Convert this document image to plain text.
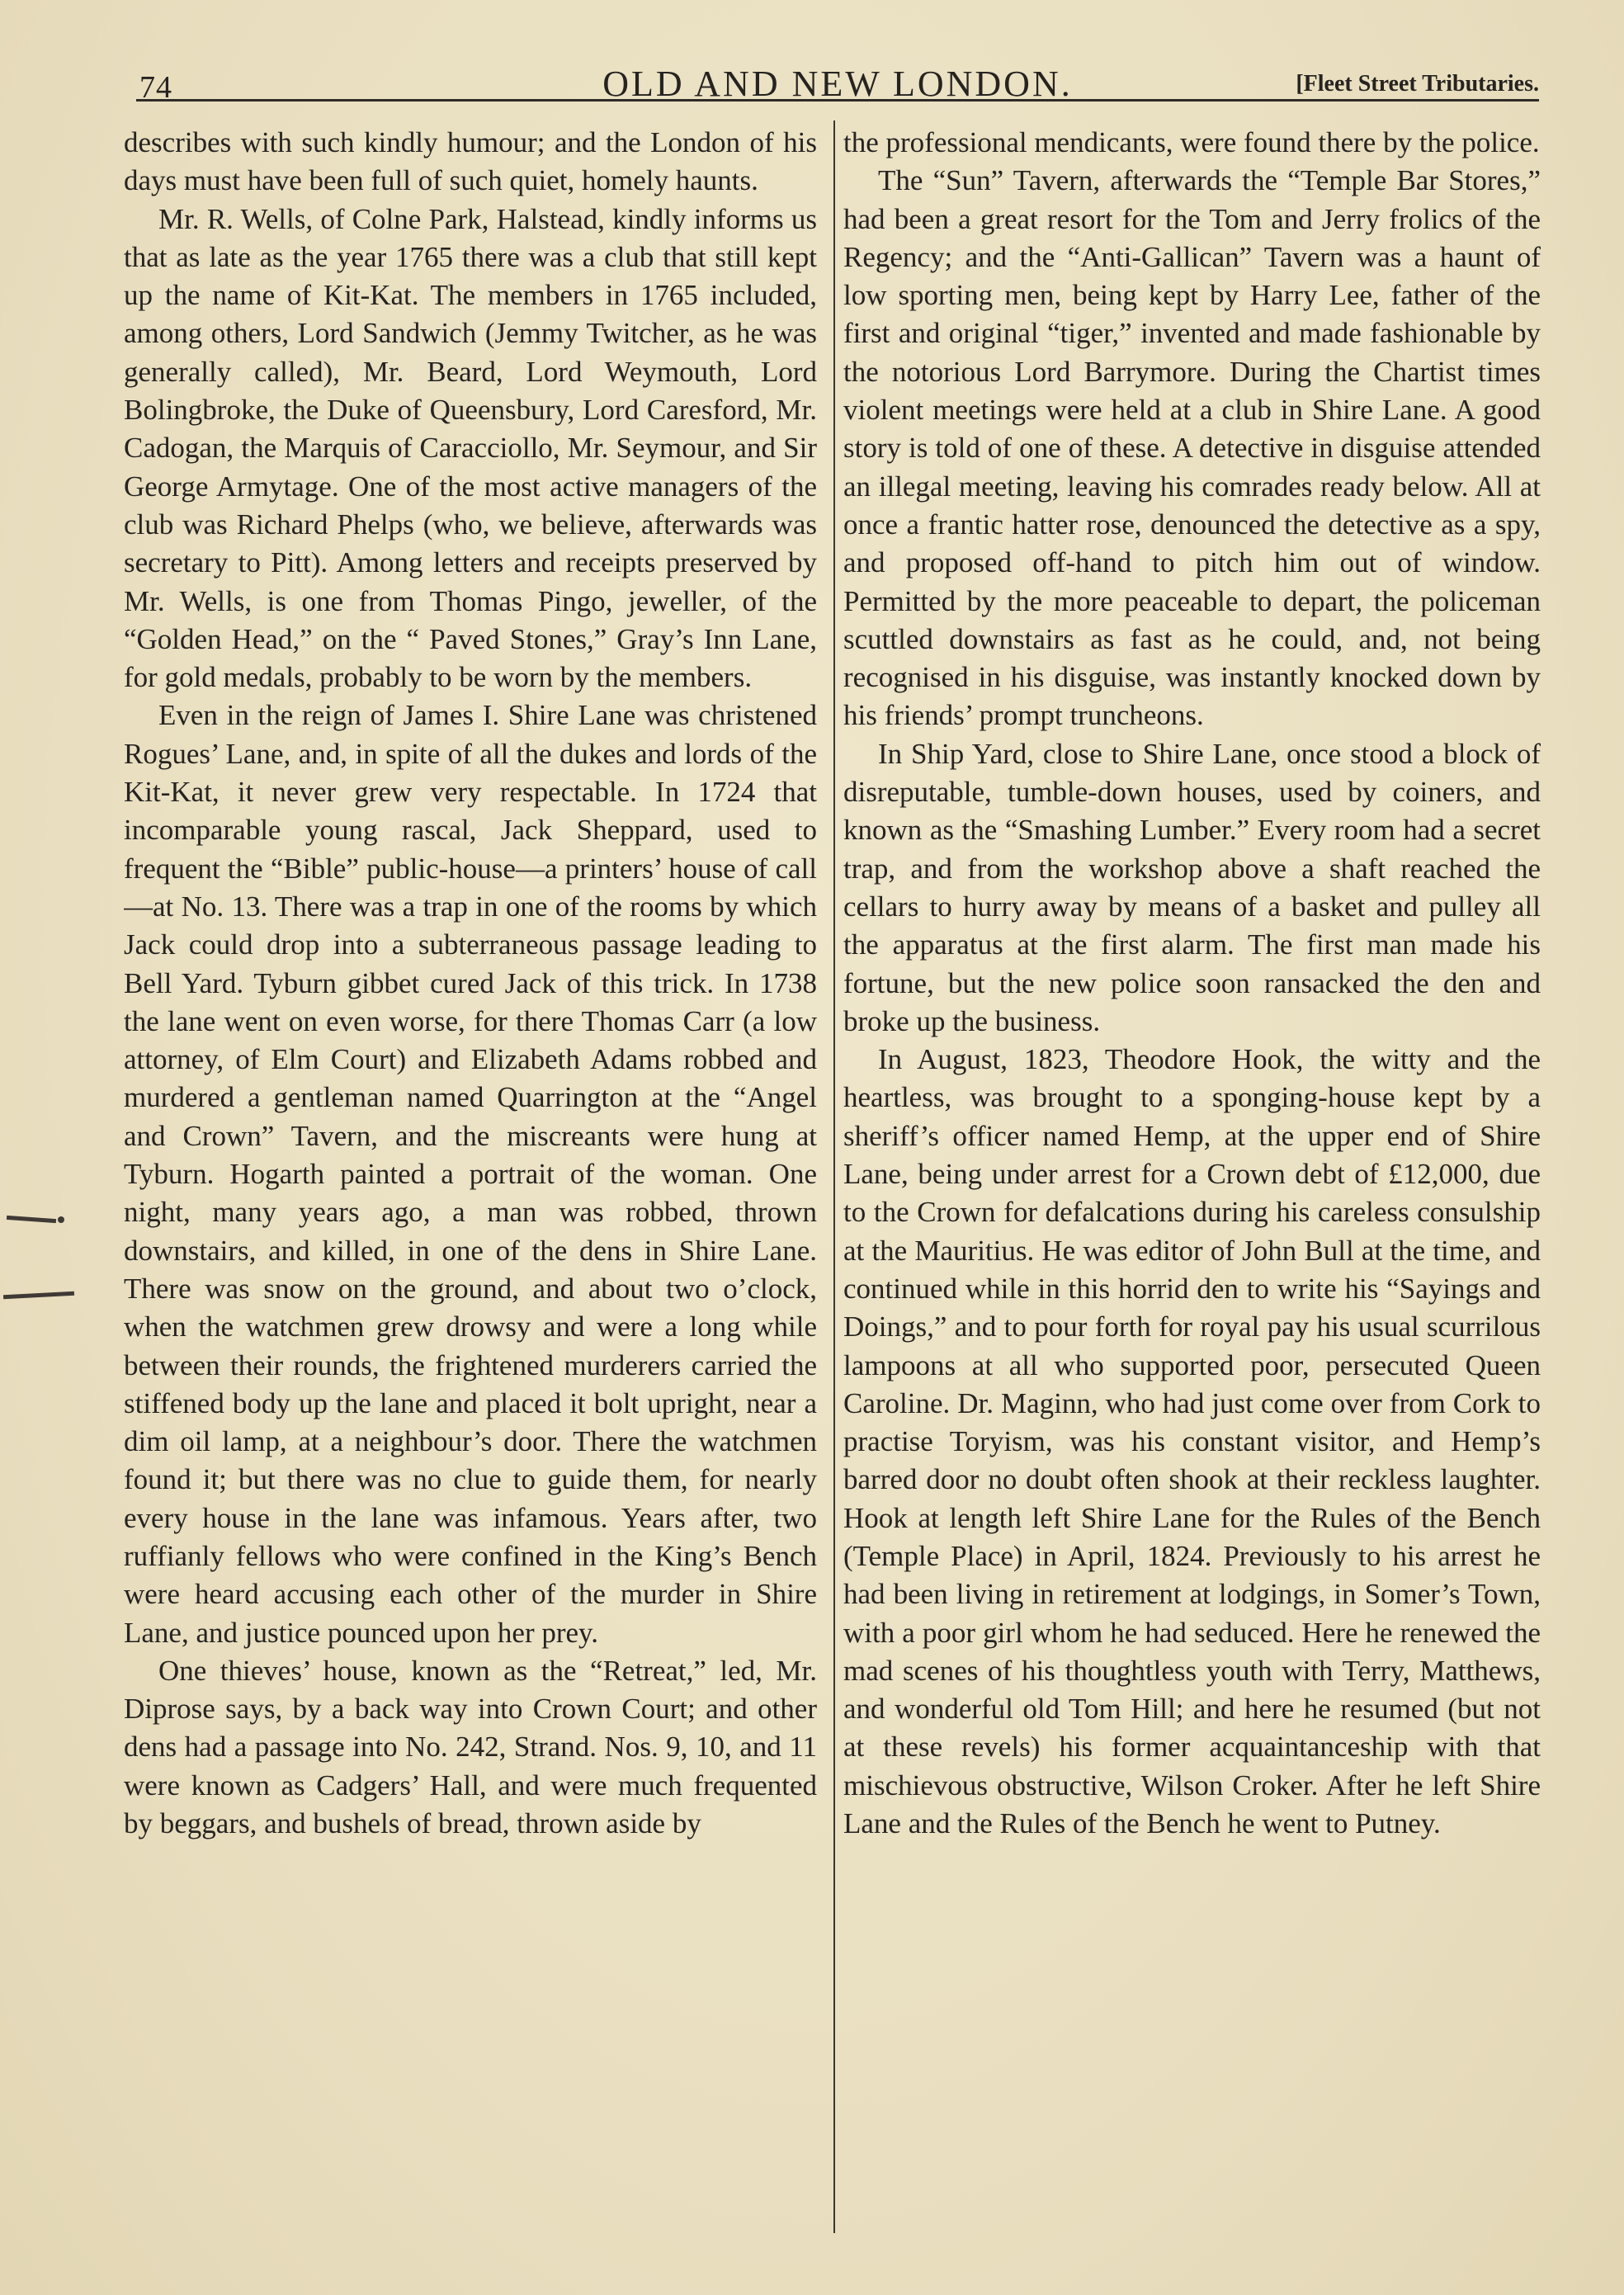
74	OLD AND NEW LONDON.	[Fleet Street Tributaries.

describes with such kindly humour; and the London of his days must have been full of such quiet, homely haunts.

Mr. R. Wells, of Colne Park, Halstead, kindly informs us that as late as the year 1765 there was a club that still kept up the name of Kit-Kat. The members in 1765 included, among others, Lord Sandwich (Jemmy Twitcher, as he was generally called), Mr. Beard, Lord Weymouth, Lord Bolingbroke, the Duke of Queensbury, Lord Caresford, Mr. Cadogan, the Marquis of Caracciollo, Mr. Seymour, and Sir George Armytage. One of the most active managers of the club was Richard Phelps (who, we believe, afterwards was secretary to Pitt). Among letters and receipts preserved by Mr. Wells, is one from Thomas Pingo, jeweller, of the “Golden Head,” on the “ Paved Stones,” Gray’s Inn Lane, for gold medals, probably to be worn by the members.

Even in the reign of James I. Shire Lane was christened Rogues’ Lane, and, in spite of all the dukes and lords of the Kit-Kat, it never grew very respectable. In 1724 that incomparable young rascal, Jack Sheppard, used to frequent the “Bible” public-house—a printers’ house of call—at No. 13. There was a trap in one of the rooms by which Jack could drop into a subterraneous passage leading to Bell Yard. Tyburn gibbet cured Jack of this trick. In 1738 the lane went on even worse, for there Thomas Carr (a low attorney, of Elm Court) and Elizabeth Adams robbed and murdered a gentleman named Quarrington at the “Angel and Crown” Tavern, and the miscreants were hung at Tyburn. Hogarth painted a portrait of the woman. One night, many years ago, a man was robbed, thrown downstairs, and killed, in one of the dens in Shire Lane. There was snow on the ground, and about two o’clock, when the watchmen grew drowsy and were a long while between their rounds, the frightened murderers carried the stiffened body up the lane and placed it bolt upright, near a dim oil lamp, at a neighbour’s door. There the watchmen found it; but there was no clue to guide them, for nearly every house in the lane was infamous. Years after, two ruffianly fellows who were confined in the King’s Bench were heard accusing each other of the murder in Shire Lane, and justice pounced upon her prey.

One thieves’ house, known as the “Retreat,” led, Mr. Diprose says, by a back way into Crown Court; and other dens had a passage into No. 242, Strand. Nos. 9, 10, and 11 were known as Cadgers’ Hall, and were much frequented by beggars, and bushels of bread, thrown aside by

the professional mendicants, were found there by the police.

The “Sun” Tavern, afterwards the “Temple Bar Stores,” had been a great resort for the Tom and Jerry frolics of the Regency; and the “Anti-Gallican” Tavern was a haunt of low sporting men, being kept by Harry Lee, father of the first and original “tiger,” invented and made fashionable by the notorious Lord Barrymore. During the Chartist times violent meetings were held at a club in Shire Lane. A good story is told of one of these. A detective in disguise attended an illegal meeting, leaving his comrades ready below. All at once a frantic hatter rose, denounced the detective as a spy, and proposed off-hand to pitch him out of window. Permitted by the more peaceable to depart, the policeman scuttled downstairs as fast as he could, and, not being recognised in his disguise, was instantly knocked down by his friends’ prompt truncheons.

In Ship Yard, close to Shire Lane, once stood a block of disreputable, tumble-down houses, used by coiners, and known as the “Smashing Lumber.” Every room had a secret trap, and from the workshop above a shaft reached the cellars to hurry away by means of a basket and pulley all the apparatus at the first alarm. The first man made his fortune, but the new police soon ransacked the den and broke up the business.

In August, 1823, Theodore Hook, the witty and the heartless, was brought to a sponging-house kept by a sheriff’s officer named Hemp, at the upper end of Shire Lane, being under arrest for a Crown debt of £12,000, due to the Crown for defalcations during his careless consulship at the Mauritius. He was editor of John Bull at the time, and continued while in this horrid den to write his “Sayings and Doings,” and to pour forth for royal pay his usual scurrilous lampoons at all who supported poor, persecuted Queen Caroline. Dr. Maginn, who had just come over from Cork to practise Toryism, was his constant visitor, and Hemp’s barred door no doubt often shook at their reckless laughter. Hook at length left Shire Lane for the Rules of the Bench (Temple Place) in April, 1824. Previously to his arrest he had been living in retirement at lodgings, in Somer’s Town, with a poor girl whom he had seduced. Here he renewed the mad scenes of his thoughtless youth with Terry, Matthews, and wonderful old Tom Hill; and here he resumed (but not at these revels) his former acquaintanceship with that mischievous obstructive, Wilson Croker. After he left Shire Lane and the Rules of the Bench he went to Putney.
